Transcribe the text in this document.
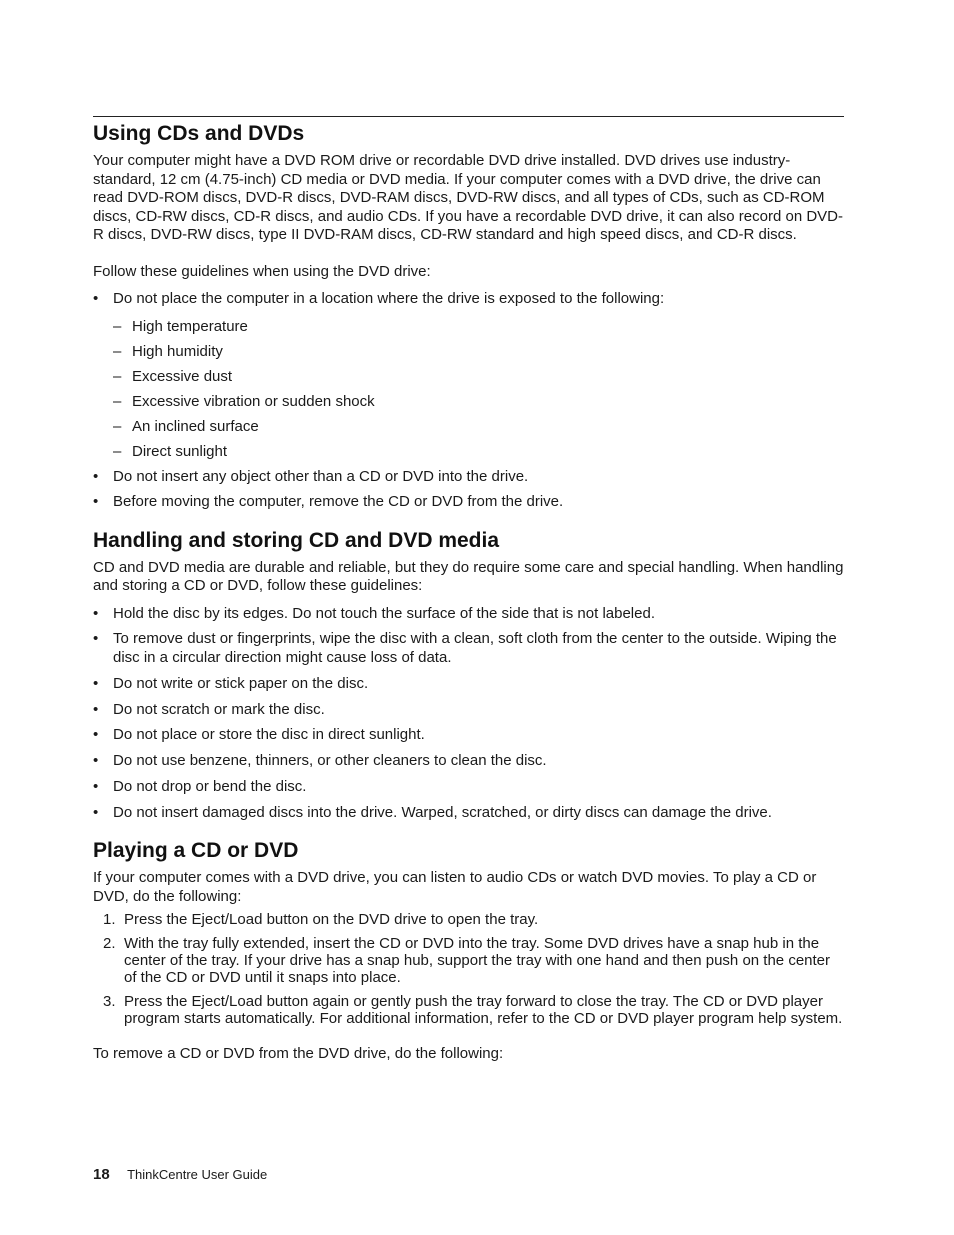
Using CDs and DVDs

Your computer might have a DVD ROM drive or recordable DVD drive installed. DVD drives use industry-standard, 12 cm (4.75-inch) CD media or DVD media. If your computer comes with a DVD drive, the drive can read DVD-ROM discs, DVD-R discs, DVD-RAM discs, DVD-RW discs, and all types of CDs, such as CD-ROM discs, CD-RW discs, CD-R discs, and audio CDs. If you have a recordable DVD drive, it can also record on DVD-R discs, DVD-RW discs, type II DVD-RAM discs, CD-RW standard and high speed discs, and CD-R discs.

Follow these guidelines when using the DVD drive:

• Do not place the computer in a location where the drive is exposed to the following:
– High temperature
– High humidity
– Excessive dust
– Excessive vibration or sudden shock
– An inclined surface
– Direct sunlight
• Do not insert any object other than a CD or DVD into the drive.
• Before moving the computer, remove the CD or DVD from the drive.
Handling and storing CD and DVD media

CD and DVD media are durable and reliable, but they do require some care and special handling. When handling and storing a CD or DVD, follow these guidelines:

• Hold the disc by its edges. Do not touch the surface of the side that is not labeled.
• To remove dust or fingerprints, wipe the disc with a clean, soft cloth from the center to the outside. Wiping the disc in a circular direction might cause loss of data.
• Do not write or stick paper on the disc.
• Do not scratch or mark the disc.
• Do not place or store the disc in direct sunlight.
• Do not use benzene, thinners, or other cleaners to clean the disc.
• Do not drop or bend the disc.
• Do not insert damaged discs into the drive. Warped, scratched, or dirty discs can damage the drive.
Playing a CD or DVD

If your computer comes with a DVD drive, you can listen to audio CDs or watch DVD movies. To play a CD or DVD, do the following:

1. Press the Eject/Load button on the DVD drive to open the tray.
2. With the tray fully extended, insert the CD or DVD into the tray. Some DVD drives have a snap hub in the center of the tray. If your drive has a snap hub, support the tray with one hand and then push on the center of the CD or DVD until it snaps into place.
3. Press the Eject/Load button again or gently push the tray forward to close the tray. The CD or DVD player program starts automatically. For additional information, refer to the CD or DVD player program help system.

To remove a CD or DVD from the DVD drive, do the following:

18 ThinkCentre User Guide
